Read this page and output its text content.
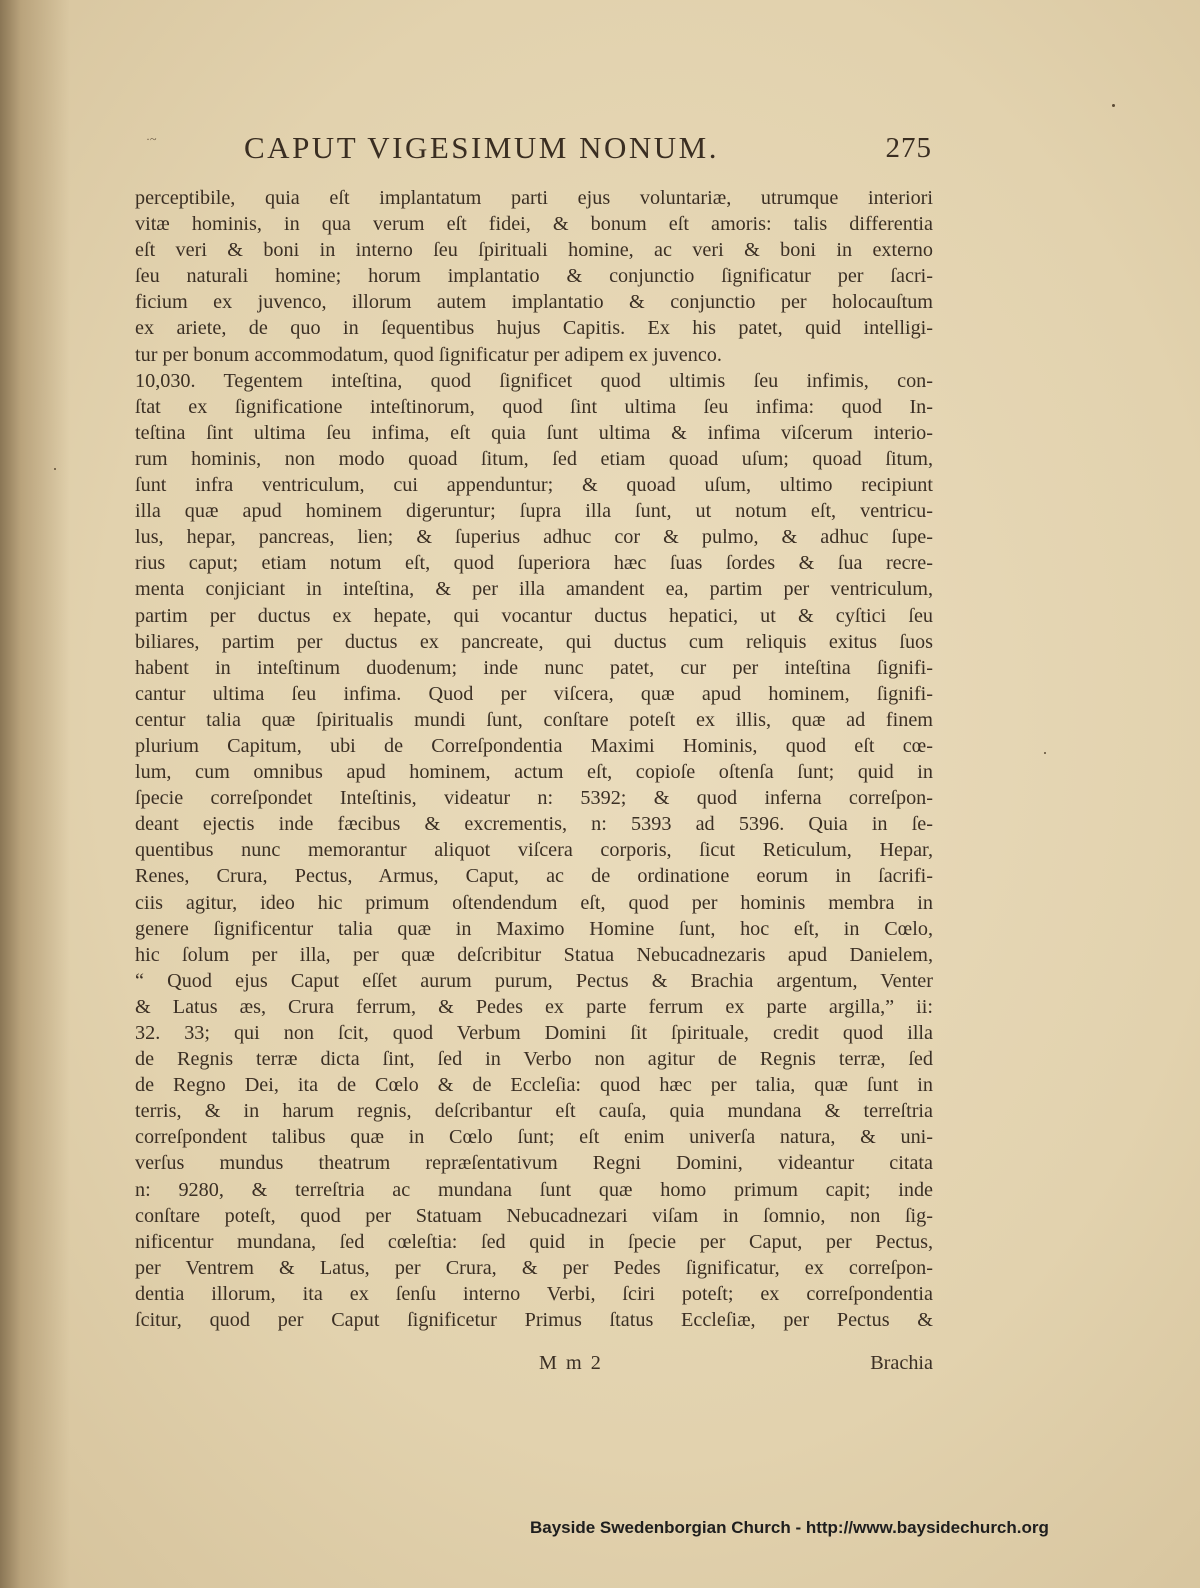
·~	CAPUT VIGESIMUM NONUM.	275
perceptibile, quia eſt implantatum parti ejus voluntariæ, utrumque interiori
vitæ hominis, in qua verum eſt fidei, & bonum eſt amoris: talis differentia
eſt veri & boni in interno ſeu ſpirituali homine, ac veri & boni in externo
ſeu naturali homine; horum implantatio & conjunctio ſignificatur per ſacri-
ficium ex juvenco, illorum autem implantatio & conjunctio per holocauſtum
ex ariete, de quo in ſequentibus hujus Capitis. Ex his patet, quid intelligi-
tur per bonum accommodatum, quod ſignificatur per adipem ex juvenco.
10,030. Tegentem inteſtina, quod ſignificet quod ultimis ſeu infimis, con-
ſtat ex ſignificatione inteſtinorum, quod ſint ultima ſeu infima: quod In-
teſtina ſint ultima ſeu infima, eſt quia ſunt ultima & infima viſcerum interio-
rum hominis, non modo quoad ſitum, ſed etiam quoad uſum; quoad ſitum,
ſunt infra ventriculum, cui appenduntur; & quoad uſum, ultimo recipiunt
illa quæ apud hominem digeruntur; ſupra illa ſunt, ut notum eſt, ventricu-
lus, hepar, pancreas, lien; & ſuperius adhuc cor & pulmo, & adhuc ſupe-
rius caput; etiam notum eſt, quod ſuperiora hæc ſuas ſordes & ſua recre-
menta conjiciant in inteſtina, & per illa amandent ea, partim per ventriculum,
partim per ductus ex hepate, qui vocantur ductus hepatici, ut & cyſtici ſeu
biliares, partim per ductus ex pancreate, qui ductus cum reliquis exitus ſuos
habent in inteſtinum duodenum; inde nunc patet, cur per inteſtina ſignifi-
cantur ultima ſeu infima. Quod per viſcera, quæ apud hominem, ſignifi-
centur talia quæ ſpiritualis mundi ſunt, conſtare poteſt ex illis, quæ ad finem
plurium Capitum, ubi de Correſpondentia Maximi Hominis, quod eſt cœ-
lum, cum omnibus apud hominem, actum eſt, copioſe oſtenſa ſunt; quid in
ſpecie correſpondet Inteſtinis, videatur n: 5392; & quod inferna correſpon-
deant ejectis inde fæcibus & excrementis, n: 5393 ad 5396. Quia in ſe-
quentibus nunc memorantur aliquot viſcera corporis, ſicut Reticulum, Hepar,
Renes, Crura, Pectus, Armus, Caput, ac de ordinatione eorum in ſacrifi-
ciis agitur, ideo hic primum oſtendendum eſt, quod per hominis membra in
genere ſignificentur talia quæ in Maximo Homine ſunt, hoc eſt, in Cœlo,
hic ſolum per illa, per quæ deſcribitur Statua Nebucadnezaris apud Danielem,
“ Quod ejus Caput eſſet aurum purum, Pectus & Brachia argentum, Venter
& Latus æs, Crura ferrum, & Pedes ex parte ferrum ex parte argilla,” ii:
32. 33; qui non ſcit, quod Verbum Domini ſit ſpirituale, credit quod illa
de Regnis terræ dicta ſint, ſed in Verbo non agitur de Regnis terræ, ſed
de Regno Dei, ita de Cœlo & de Eccleſia: quod hæc per talia, quæ ſunt in
terris, & in harum regnis, deſcribantur eſt cauſa, quia mundana & terreſtria
correſpondent talibus quæ in Cœlo ſunt; eſt enim univerſa natura, & uni-
verſus mundus theatrum repræſentativum Regni Domini, videantur citata
n: 9280, & terreſtria ac mundana ſunt quæ homo primum capit; inde
conſtare poteſt, quod per Statuam Nebucadnezari viſam in ſomnio, non ſig-
nificentur mundana, ſed cœleſtia: ſed quid in ſpecie per Caput, per Pectus,
per Ventrem & Latus, per Crura, & per Pedes ſignificatur, ex correſpon-
dentia illorum, ita ex ſenſu interno Verbi, ſciri poteſt; ex correſpondentia
ſcitur, quod per Caput ſignificetur Primus ſtatus Eccleſiæ, per Pectus &
M m 2	Brachia
Bayside Swedenborgian Church - http://www.baysidechurch.org
